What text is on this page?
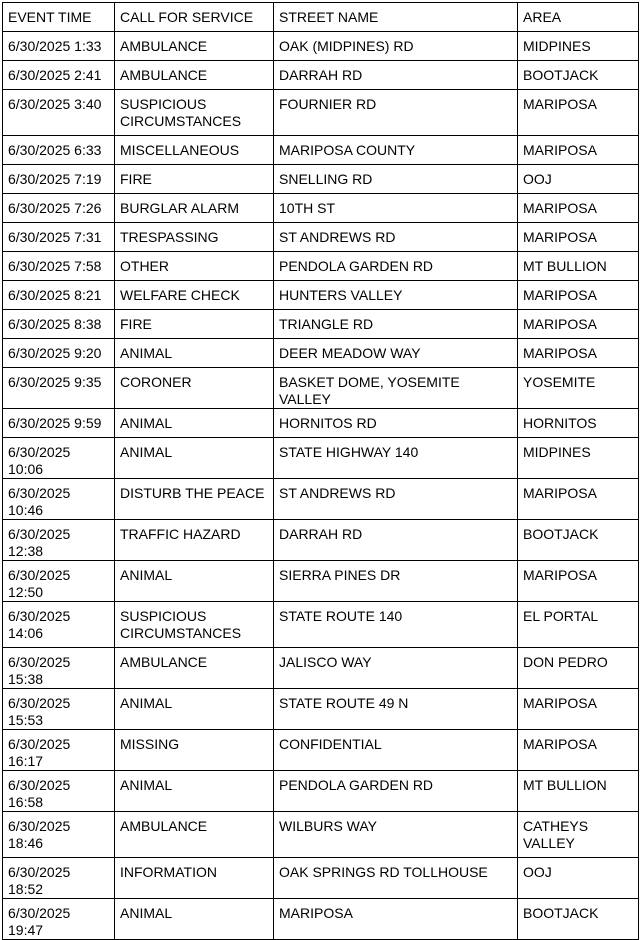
EVENT TIME	CALL FOR SERVICE	STREET NAME	AREA
6/30/2025 1:33	AMBULANCE	OAK (MIDPINES) RD	MIDPINES
6/30/2025 2:41	AMBULANCE	DARRAH RD	BOOTJACK
6/30/2025 3:40	SUSPICIOUS CIRCUMSTANCES	FOURNIER RD	MARIPOSA
6/30/2025 6:33	MISCELLANEOUS	MARIPOSA COUNTY	MARIPOSA
6/30/2025 7:19	FIRE	SNELLING RD	OOJ
6/30/2025 7:26	BURGLAR ALARM	10TH ST	MARIPOSA
6/30/2025 7:31	TRESPASSING	ST ANDREWS RD	MARIPOSA
6/30/2025 7:58	OTHER	PENDOLA GARDEN RD	MT BULLION
6/30/2025 8:21	WELFARE CHECK	HUNTERS VALLEY	MARIPOSA
6/30/2025 8:38	FIRE	TRIANGLE RD	MARIPOSA
6/30/2025 9:20	ANIMAL	DEER MEADOW WAY	MARIPOSA
6/30/2025 9:35	CORONER	BASKET DOME, YOSEMITE VALLEY	YOSEMITE
6/30/2025 9:59	ANIMAL	HORNITOS RD	HORNITOS
6/30/2025 10:06	ANIMAL	STATE HIGHWAY 140	MIDPINES
6/30/2025 10:46	DISTURB THE PEACE	ST ANDREWS RD	MARIPOSA
6/30/2025 12:38	TRAFFIC HAZARD	DARRAH RD	BOOTJACK
6/30/2025 12:50	ANIMAL	SIERRA PINES DR	MARIPOSA
6/30/2025 14:06	SUSPICIOUS CIRCUMSTANCES	STATE ROUTE 140	EL PORTAL
6/30/2025 15:38	AMBULANCE	JALISCO WAY	DON PEDRO
6/30/2025 15:53	ANIMAL	STATE ROUTE 49 N	MARIPOSA
6/30/2025 16:17	MISSING	CONFIDENTIAL	MARIPOSA
6/30/2025 16:58	ANIMAL	PENDOLA GARDEN RD	MT BULLION
6/30/2025 18:46	AMBULANCE	WILBURS WAY	CATHEYS VALLEY
6/30/2025 18:52	INFORMATION	OAK SPRINGS RD TOLLHOUSE	OOJ
6/30/2025 19:47	ANIMAL	MARIPOSA	BOOTJACK
